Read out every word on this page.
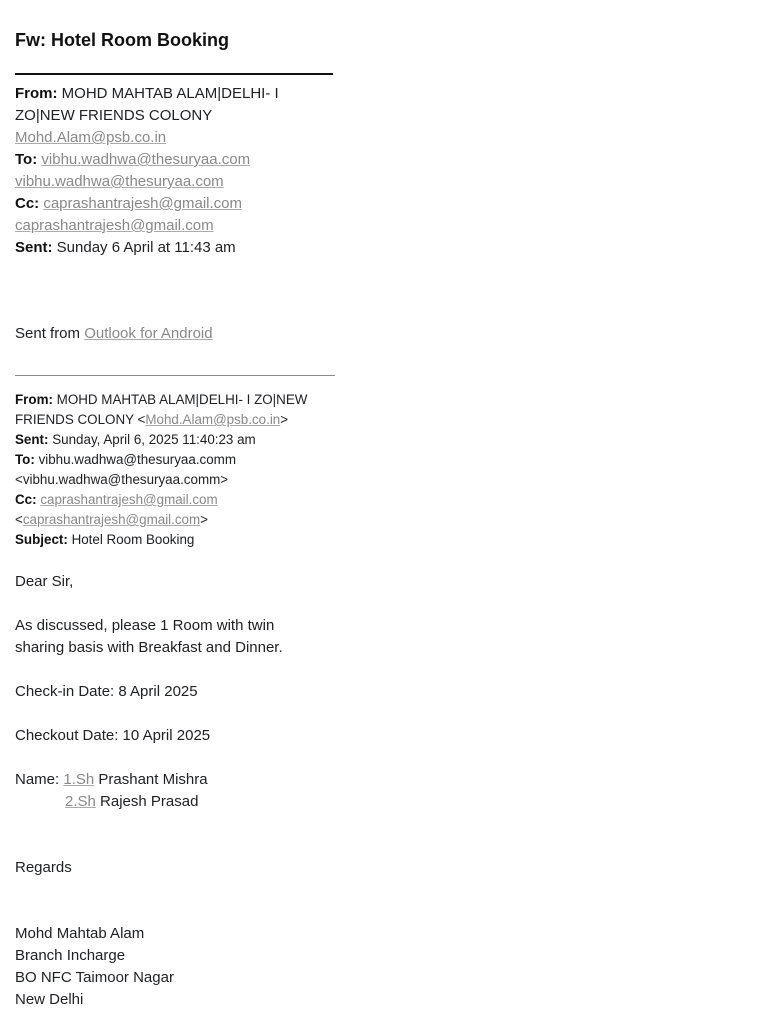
Fw: Hotel Room Booking
From: MOHD MAHTAB ALAM|DELHI- I
ZO|NEW FRIENDS COLONY
Mohd.Alam@psb.co.in
To: vibhu.wadhwa@thesuryaa.com
vibhu.wadhwa@thesuryaa.com
Cc: caprashantrajesh@gmail.com
caprashantrajesh@gmail.com
Sent: Sunday 6 April at 11:43 am
Sent from Outlook for Android
From: MOHD MAHTAB ALAM|DELHI- I ZO|NEW
FRIENDS COLONY <Mohd.Alam@psb.co.in>
Sent: Sunday, April 6, 2025 11:40:23 am
To: vibhu.wadhwa@thesuryaa.comm
<vibhu.wadhwa@thesuryaa.comm>
Cc: caprashantrajesh@gmail.com
<caprashantrajesh@gmail.com>
Subject: Hotel Room Booking

Dear Sir,

As discussed, please 1 Room with twin

sharing basis with Breakfast and Dinner.

Check-in Date: 8 April 2025

Checkout Date: 10 April 2025

Name: 1.Sh Prashant Mishra

2.Sh Rajesh Prasad

Regards

Mohd Mahtab Alam

Branch Incharge

BO NFC Taimoor Nagar

New Delhi
